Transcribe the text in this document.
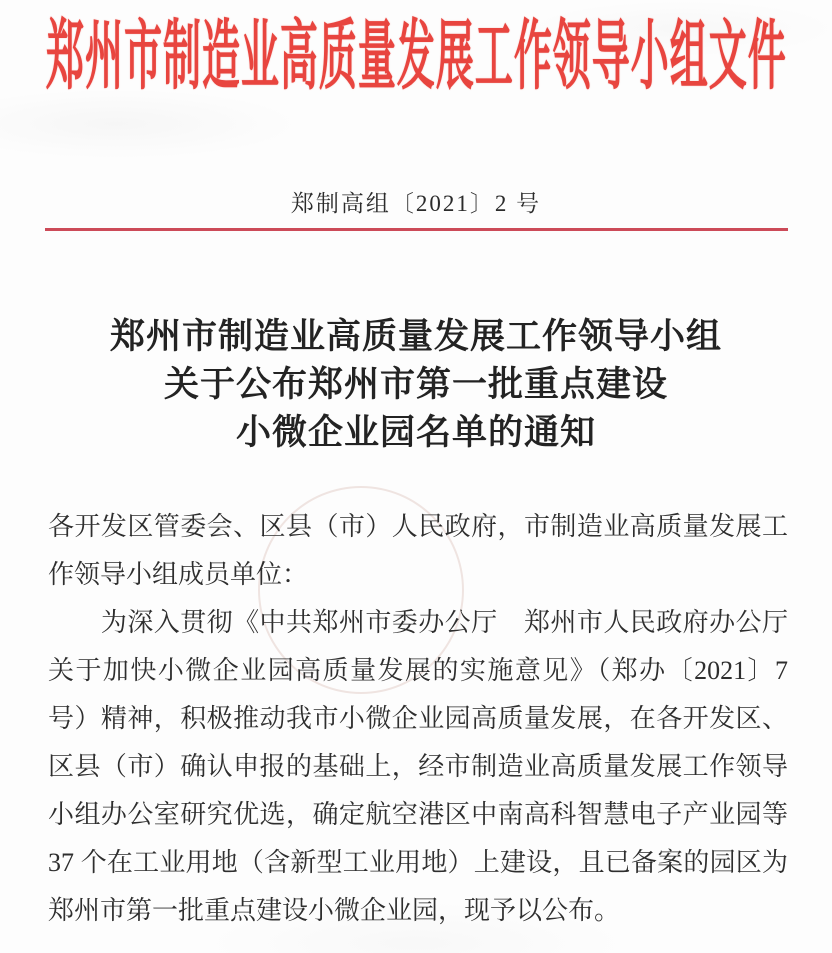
郑 州 市 制 造 业 高 质 量 发 展 工 作 领 导 小 组 文 件
郑制高组〔2021〕2 号
郑州市制造业高质量发展工作领导小组
关于公布郑州市第一批重点建设
小微企业园名单的通知
各开发区管委会、区县（市）人民政府，市制造业高质量发展工
作领导小组成员单位：
　　为深入贯彻《中共郑州市委办公厅　郑州市人民政府办公厅
关于加快小微企业园高质量发展的实施意见》（郑办〔2021〕7
号）精神，积极推动我市小微企业园高质量发展，在各开发区、
区县（市）确认申报的基础上，经市制造业高质量发展工作领导
小组办公室研究优选，确定航空港区中南高科智慧电子产业园等
37 个在工业用地（含新型工业用地）上建设，且已备案的园区为
郑州市第一批重点建设小微企业园，现予以公布。
